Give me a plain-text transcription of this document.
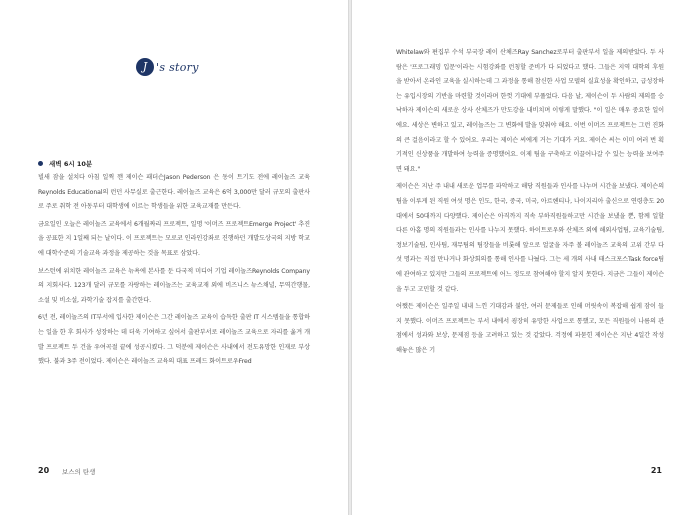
J 's story
새벽 6시 10분

빌새 잠을 설치다 아침 일찍 깬 제이슨 패더슨Jason Pederson 은 동이 트기도 전에 레이놀즈 교육Reynolds Educational의 런던 사무실로 출근한다. 레이놀즈 교육은 6억 3,000만 달러 규모의 출판사로 주로 취학 전 아동부터 대학생에 이르는 학생들을 위한 교육교재를 만든다.

금요일인 오늘은 레이놀즈 교육에서 6개월짜리 프로젝트, 일명 '이머즈 프로젝트Emerge Project' 추진을 공표한 지 1일째 되는 날이다. 이 프로젝트는 모로코 인라인강좌로 진행하던 개발도상국의 지방 학교에 대학수준의 기술교육 과정을 제공하는 것을 목표로 삼았다.

보스턴에 위치한 레이놀즈 교육은 뉴욕에 본사를 둔 다국적 미디어 기업 레이놀즈Reynolds Company의 지회사다. 123개 달러 규모를 자랑하는 레이놀즈는 교육교재 외에 비즈니스 뉴스채널, 무역간행물, 소설 및 비소설, 과학기술 잡지를 출간한다.

6년 전, 레이놀즈의 IT부서에 입사한 제이슨은 그간 레이놀즈 교육이 습득한 출판 IT 시스템들을 통합하는 일을 한 후 회사가 성장하는 데 더욱 기여하고 싶어서 출판부서로 레이놀즈 교육으로 자리를 옮겨 개발 프로젝트 두 건을 우여곡절 끝에 성공시켰다. 그 덕분에 제이슨은 사내에서 전도유망한 인재로 부상했다. 불과 3주 전이었다. 제이슨은 레이놀즈 교육의 대표 프레드 화이트로우Fred

20 보스의 탄생

Whitelaw와 편집부 수석 부국장 레이 산체즈Ray Sanchez로부터 출판부서 일을 제의받았다. 두 사람은 '프로그래밍 입문'이라는 시험강좌를 런칭할 준비가 다 되었다고 했다. 그들은 지역 대학의 후원을 받아서 온라인 교육을 실시하는데 그 과정을 통해 참신한 사업 모델의 실효성을 확인하고, 급성장하는 유입시장의 기반을 마련할 것이라며 한껏 기대에 부풀었다. 다음 날, 제이슨이 두 사람의 제의를 승낙하자 제이슨의 새로운 상사 산체즈가 만도강을 내비치며 이렇게 말했다. "이 일은 매우 중요한 일이에요. 세상은 변하고 있고, 레이놀즈는 그 변화에 발을 맞춰야 해요. 이번 이머즈 프로젝트는 그런 진화의 큰 걸음이라고 할 수 있어요. 우리는 제이슨 씨에게 거는 기대가 커요. 제이슨 씨는 이미 여러 번 획기적인 신상품을 개발하여 능력을 증명했어요. 이제 팀을 구축하고 이끌어나갈 수 있는 능력을 보여주면 돼요."

제이슨은 지난 주 내내 새로운 업무를 파악하고 해당 직원들과 인사를 나누며 시간을 보냈다. 제이슨의 팀을 이루게 된 직원 여섯 명은 인도, 한국, 중국, 미국, 아르헨티나, 나이지리아 출신으로 연령층도 20대에서 50대까지 다양했다. 제이슨은 아직까지 직속 부하직원들하고만 시간을 보냈을 뿐, 함께 일할 다른 아홉 명의 직원들과는 인사를 나누지 못했다. 하이트로우와 산체즈 외에 해외사업팀, 교육기술팀, 정보기술팀, 인사팀, 재무팀의 팀장들을 비롯해 앞으로 얼굴을 자주 볼 레이놀즈 교육의 고위 간부 다섯 명과는 직접 만나거나 화상회의를 통해 인사를 나눴다. 그는 세 개의 사내 태스크포스Task force팀에 관여하고 있지만 그들의 프로젝트에 어느 정도로 참여해야 할지 알지 못한다. 지금은 그들이 제이슨을 두고 고민할 것 같다.

어쨌든 제이슨은 일주일 내내 느낀 기대감과 불안, 여러 문제들로 인해 머릿속이 복잡해 쉽게 잠이 들지 못했다. 이머즈 프로젝트는 부서 내에서 굉장히 유망한 사업으로 통했고, 모든 직원들이 나름의 관점에서 성과와 보상, 문제점 등을 고려하고 있는 것 같았다. 걱정에 파묻힌 제이슨은 지난 4일간 작성해놓은 많은 기

21
